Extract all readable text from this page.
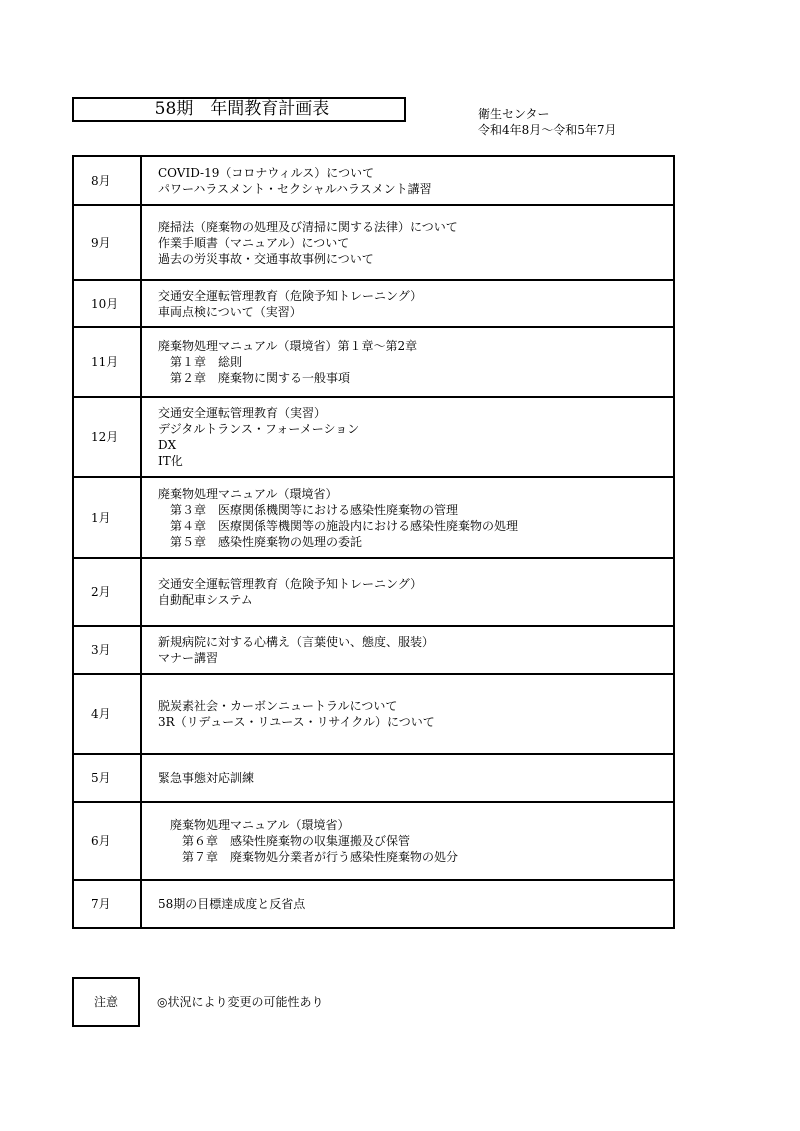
58期　年間教育計画表	衛生センター
令和4年8月～令和5年7月
8月	COVID-19（コロナウィルス）について
パワーハラスメント・セクシャルハラスメント講習

9月	廃掃法（廃棄物の処理及び清掃に関する法律）について
作業手順書（マニュアル）について
過去の労災事故・交通事故事例について

10月	交通安全運転管理教育（危険予知トレーニング）
車両点検について（実習）

11月	廃棄物処理マニュアル（環境省）第１章～第2章
　第１章　総則
　第２章　廃棄物に関する一般事項

12月	交通安全運転管理教育（実習）
デジタルトランス・フォーメーション
DX
IT化

1月	廃棄物処理マニュアル（環境省）
　第３章　医療関係機関等における感染性廃棄物の管理
　第４章　医療関係等機関等の施設内における感染性廃棄物の処理
　第５章　感染性廃棄物の処理の委託

2月	交通安全運転管理教育（危険予知トレーニング）
自動配車システム

3月	新規病院に対する心構え（言葉使い、態度、服装）
マナー講習

4月	脱炭素社会・カーボンニュートラルについて
3R（リデュース・リユース・リサイクル）について

5月	緊急事態対応訓練

6月	　廃棄物処理マニュアル（環境省）
　　第６章　感染性廃棄物の収集運搬及び保管
　　第７章　廃棄物処分業者が行う感染性廃棄物の処分

7月	58期の目標達成度と反省点
注意	◎状況により変更の可能性あり
